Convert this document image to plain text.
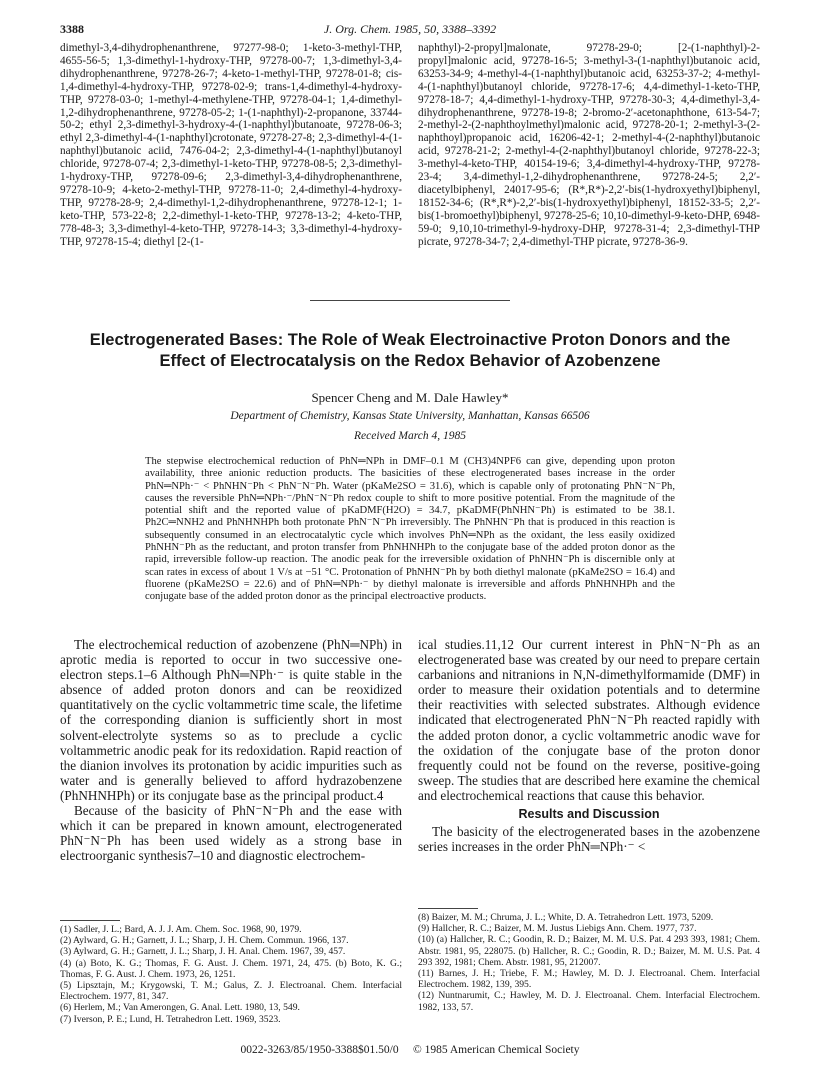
3388	J. Org. Chem. 1985, 50, 3388–3392
dimethyl-3,4-dihydrophenanthrene, 97277-98-0; 1-keto-3-methyl-THP, 4655-56-5; 1,3-dimethyl-1-hydroxy-THP, 97278-00-7; 1,3-dimethyl-3,4-dihydrophenanthrene, 97278-26-7; 4-keto-1-methyl-THP, 97278-01-8; cis-1,4-dimethyl-4-hydroxy-THP, 97278-02-9; trans-1,4-dimethyl-4-hydroxy-THP, 97278-03-0; 1-methyl-4-methylene-THP, 97278-04-1; 1,4-dimethyl-1,2-dihydrophenanthrene, 97278-05-2; 1-(1-naphthyl)-2-propanone, 33744-50-2; ethyl 2,3-dimethyl-3-hydroxy-4-(1-naphthyl)butanoate, 97278-06-3; ethyl 2,3-dimethyl-4-(1-naphthyl)crotonate, 97278-27-8; 2,3-dimethyl-4-(1-naphthyl)butanoic aciid, 7476-04-2; 2,3-dimethyl-4-(1-naphthyl)butanoyl chloride, 97278-07-4; 2,3-dimethyl-1-keto-THP, 97278-08-5; 2,3-dimethyl-1-hydroxy-THP, 97278-09-6; 2,3-dimethyl-3,4-dihydrophenanthrene, 97278-10-9; 4-keto-2-methyl-THP, 97278-11-0; 2,4-dimethyl-4-hydroxy-THP, 97278-28-9; 2,4-dimethyl-1,2-dihydrophenanthrene, 97278-12-1; 1-keto-THP, 573-22-8; 2,2-dimethyl-1-keto-THP, 97278-13-2; 4-keto-THP, 778-48-3; 3,3-dimethyl-4-keto-THP, 97278-14-3; 3,3-dimethyl-4-hydroxy-THP, 97278-15-4; diethyl [2-(1-
naphthyl)-2-propyl]malonate, 97278-29-0; [2-(1-naphthyl)-2-propyl]malonic acid, 97278-16-5; 3-methyl-3-(1-naphthyl)butanoic acid, 63253-34-9; 4-methyl-4-(1-naphthyl)butanoic acid, 63253-37-2; 4-methyl-4-(1-naphthyl)butanoyl chloride, 97278-17-6; 4,4-dimethyl-1-keto-THP, 97278-18-7; 4,4-dimethyl-1-hydroxy-THP, 97278-30-3; 4,4-dimethyl-3,4-dihydrophenanthrene, 97278-19-8; 2-bromo-2′-acetonaphthone, 613-54-7; 2-methyl-2-(2-naphthoylmethyl)malonic acid, 97278-20-1; 2-methyl-3-(2-naphthoyl)propanoic acid, 16206-42-1; 2-methyl-4-(2-naphthyl)butanoic acid, 97278-21-2; 2-methyl-4-(2-naphthyl)butanoyl chloride, 97278-22-3; 3-methyl-4-keto-THP, 40154-19-6; 3,4-dimethyl-4-hydroxy-THP, 97278-23-4; 3,4-dimethyl-1,2-dihydrophenanthrene, 97278-24-5; 2,2′-diacetylbiphenyl, 24017-95-6; (R*,R*)-2,2′-bis(1-hydroxyethyl)biphenyl, 18152-34-6; (R*,R*)-2,2′-bis(1-hydroxyethyl)biphenyl, 18152-33-5; 2,2′-bis(1-bromoethyl)biphenyl, 97278-25-6; 10,10-dimethyl-9-keto-DHP, 6948-59-0; 9,10,10-trimethyl-9-hydroxy-DHP, 97278-31-4; 2,3-dimethyl-THP picrate, 97278-34-7; 2,4-dimethyl-THP picrate, 97278-36-9.
Electrogenerated Bases: The Role of Weak Electroinactive Proton Donors and the Effect of Electrocatalysis on the Redox Behavior of Azobenzene
Spencer Cheng and M. Dale Hawley*
Department of Chemistry, Kansas State University, Manhattan, Kansas 66506
Received March 4, 1985
The stepwise electrochemical reduction of PhN═NPh in DMF–0.1 M (CH3)4NPF6 can give, depending upon proton availability, three anionic reduction products. The basicities of these electrogenerated bases increase in the order PhN═NPh·⁻ < PhNHN⁻Ph < PhN⁻N⁻Ph. Water (pKaMe2SO = 31.6), which is capable only of protonating PhN⁻N⁻Ph, causes the reversible PhN═NPh·⁻/PhN⁻N⁻Ph redox couple to shift to more positive potential. From the magnitude of the potential shift and the reported value of pKaDMF(H2O) = 34.7, pKaDMF(PhNHN⁻Ph) is estimated to be 38.1. Ph2C═NNH2 and PhNHNHPh both protonate PhN⁻N⁻Ph irreversibly. The PhNHN⁻Ph that is produced in this reaction is subsequently consumed in an electrocatalytic cycle which involves PhN═NPh as the oxidant, the less easily oxidized PhNHN⁻Ph as the reductant, and proton transfer from PhNHNHPh to the conjugate base of the added proton donor as the rapid, irreversible follow-up reaction. The anodic peak for the irreversible oxidation of PhNHN⁻Ph is discernible only at scan rates in excess of about 1 V/s at −51 °C. Protonation of PhNHN⁻Ph by both diethyl malonate (pKaMe2SO = 16.4) and fluorene (pKaMe2SO = 22.6) and of PhN═NPh·⁻ by diethyl malonate is irreversible and affords PhNHNHPh and the conjugate base of the added proton donor as the principal electroactive products.

The electrochemical reduction of azobenzene (PhN═NPh) in aprotic media is reported to occur in two successive one-electron steps.1–6 Although PhN═NPh·⁻ is quite stable in the absence of added proton donors and can be reoxidized quantitatively on the cyclic voltammetric time scale, the lifetime of the corresponding dianion is sufficiently short in most solvent-electrolyte systems so as to preclude a cyclic voltammetric anodic peak for its redoxidation. Rapid reaction of the dianion involves its protonation by acidic impurities such as water and is generally believed to afford hydrazobenzene (PhNHNHPh) or its conjugate base as the principal product.4

Because of the basicity of PhN⁻N⁻Ph and the ease with which it can be prepared in known amount, electrogenerated PhN⁻N⁻Ph has been used widely as a strong base in electroorganic synthesis7–10 and diagnostic electrochem-

ical studies.11,12 Our current interest in PhN⁻N⁻Ph as an electrogenerated base was created by our need to prepare certain carbanions and nitranions in N,N-dimethylformamide (DMF) in order to measure their oxidation potentials and to determine their reactivities with selected substrates. Although evidence indicated that electrogenerated PhN⁻N⁻Ph reacted rapidly with the added proton donor, a cyclic voltammetric anodic wave for the oxidation of the conjugate base of the proton donor frequently could not be found on the reverse, positive-going sweep. The studies that are described here examine the chemical and electrochemical reactions that cause this behavior.

Results and Discussion

The basicity of the electrogenerated bases in the azobenzene series increases in the order PhN═NPh·⁻ <

(1) Sadler, J. L.; Bard, A. J. J. Am. Chem. Soc. 1968, 90, 1979.
(2) Aylward, G. H.; Garnett, J. L.; Sharp, J. H. Chem. Commun. 1966, 137.
(3) Aylward, G. H.; Garnett, J. L.; Sharp, J. H. Anal. Chem. 1967, 39, 457.
(4) (a) Boto, K. G.; Thomas, F. G. Aust. J. Chem. 1971, 24, 475. (b) Boto, K. G.; Thomas, F. G. Aust. J. Chem. 1973, 26, 1251.
(5) Lipsztajn, M.; Krygowski, T. M.; Galus, Z. J. Electroanal. Chem. Interfacial Electrochem. 1977, 81, 347.
(6) Herlem, M.; Van Amerongen, G. Anal. Lett. 1980, 13, 549.
(7) Iverson, P. E.; Lund, H. Tetrahedron Lett. 1969, 3523.
(8) Baizer, M. M.; Chruma, J. L.; White, D. A. Tetrahedron Lett. 1973, 5209.
(9) Hallcher, R. C.; Baizer, M. M. Justus Liebigs Ann. Chem. 1977, 737.
(10) (a) Hallcher, R. C.; Goodin, R. D.; Baizer, M. M. U.S. Pat. 4 293 393, 1981; Chem. Abstr. 1981, 95, 228075. (b) Hallcher, R. C.; Goodin, R. D.; Baizer, M. M. U.S. Pat. 4 293 392, 1981; Chem. Abstr. 1981, 95, 212007.
(11) Barnes, J. H.; Triebe, F. M.; Hawley, M. D. J. Electroanal. Chem. Interfacial Electrochem. 1982, 139, 395.
(12) Nuntnarumit, C.; Hawley, M. D. J. Electroanal. Chem. Interfacial Electrochem. 1982, 133, 57.
0022-3263/85/1950-3388$01.50/0 © 1985 American Chemical Society
